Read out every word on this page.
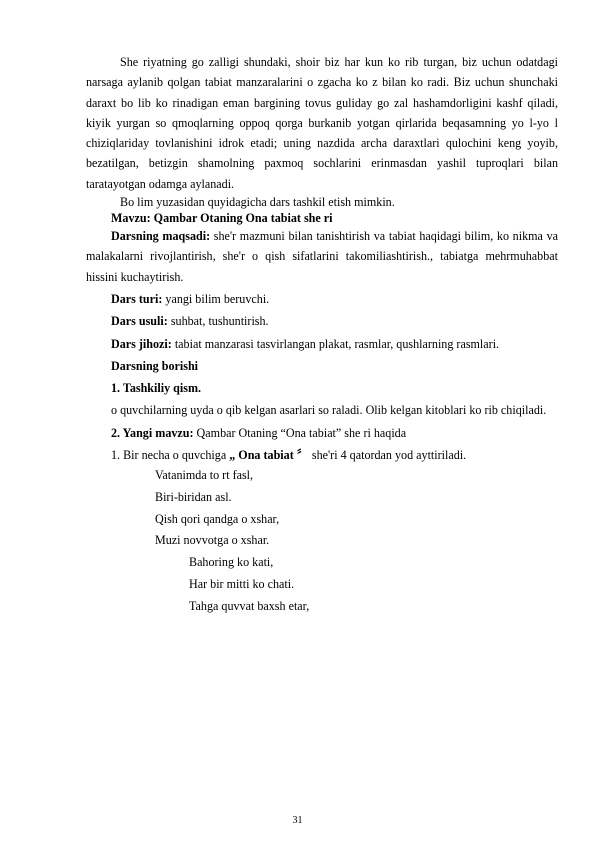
She riyatning go zalligi shundaki, shoir biz har kun ko rib turgan, biz uchun odatdagi narsaga aylanib qolgan tabiat manzaralarini o zgacha ko z bilan ko radi. Biz uchun shunchaki daraxt bo lib ko rinadigan eman bargining tovus guliday go zal hashamdorligini kashf qiladi, kiyik yurgan so qmoqlarning oppoq qorga burkanib yotgan qirlarida beqasamning yo l-yo l chiziqlariday tovlanishini idrok etadi; uning nazdida archa daraxtlari qulochini keng yoyib, bezatilgan, betizgin shamolning paxmoq sochlarini erinmasdan yashil tuproqlari bilan taratayotgan odamga aylanadi.

Bo lim yuzasidan quyidagicha dars tashkil etish mimkin.

Mavzu: Qambar Otaning Ona tabiat she ri

Darsning maqsadi: she'r mazmuni bilan tanishtirish va tabiat haqidagi bilim, ko nikma va malakalarni rivojlantirish, she'r o qish sifatlarini takomiliashtirish., tabiatga mehrmuhabbat hissini kuchaytirish.

Dars turi: yangi bilim beruvchi.

Dars usuli: suhbat, tushuntirish.

Dars jihozi: tabiat manzarasi tasvirlangan plakat, rasmlar, qushlarning rasmlari.

Darsning borishi

1. Tashkiliy qism.

o quvchilarning uyda o qib kelgan asarlari so raladi. Olib kelgan kitoblari ko rib chiqiladi.

2. Yangi mavzu: Qambar Otaning “Ona tabiat” she ri haqida

1. Bir necha o quvchiga „ Ona tabiat 〞 she'ri 4 qatordan yod ayttiriladi.

Vatanimda to rt fasl,

Biri-biridan asl.

Qish qori qandga o xshar,

Muzi novvotga o xshar.

Bahoring ko kati,

Har bir mitti ko chati.

Tahga quvvat baxsh etar,

31
